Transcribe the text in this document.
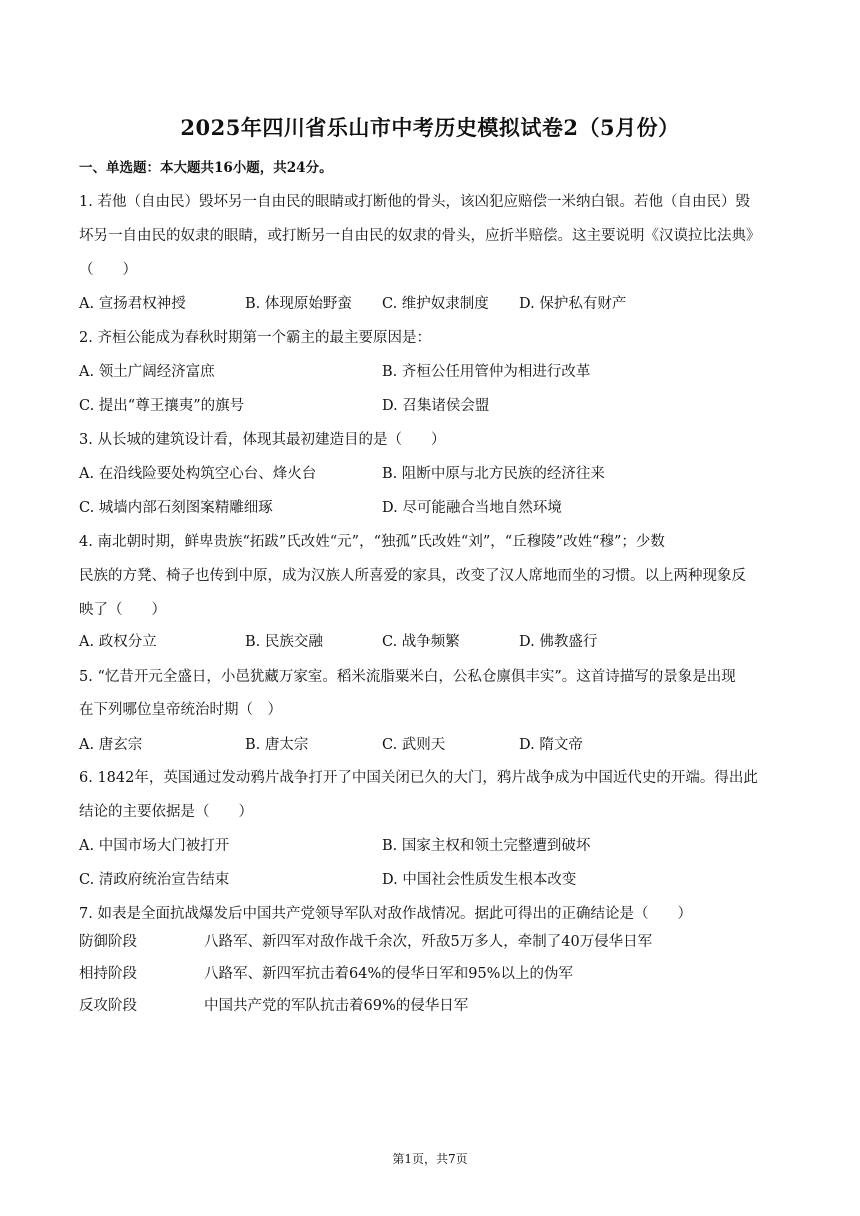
2025年四川省乐山市中考历史模拟试卷2（5月份）
一、单选题：本大题共16小题，共24分。
1. 若他（自由民）毁坏另一自由民的眼睛或打断他的骨头，该凶犯应赔偿一米纳白银。若他（自由民）毁
坏另一自由民的奴隶的眼睛，或打断另一自由民的奴隶的骨头，应折半赔偿。这主要说明《汉谟拉比法典》
（　　）
A. 宣扬君权神授	B. 体现原始野蛮 C. 维护奴隶制度 D. 保护私有财产
2. 齐桓公能成为春秋时期第一个霸主的最主要原因是：
A. 领土广阔经济富庶	B. 齐桓公任用管仲为相进行改革
C. 提出“尊王攘夷”的旗号	D. 召集诸侯会盟
3. 从长城的建筑设计看，体现其最初建造目的是（　　）
A. 在沿线险要处构筑空心台、烽火台	B. 阻断中原与北方民族的经济往来
C. 城墙内部石刻图案精雕细琢	D. 尽可能融合当地自然环境
4. 南北朝时期，鲜卑贵族“拓跋”氏改姓“元”，“独孤”氏改姓“刘”，“丘穆陵”改姓“穆”；少数
民族的方凳、椅子也传到中原，成为汉族人所喜爱的家具，改变了汉人席地而坐的习惯。以上两种现象反
映了（　　）
A. 政权分立	B. 民族交融	C. 战争频繁	D. 佛教盛行
5. “忆昔开元全盛日，小邑犹藏万家室。稻米流脂粟米白，公私仓廪俱丰实”。这首诗描写的景象是出现
在下列哪位皇帝统治时期（　）
A. 唐玄宗	B. 唐太宗	C. 武则天	D. 隋文帝
6. 1842年，英国通过发动鸦片战争打开了中国关闭已久的大门，鸦片战争成为中国近代史的开端。得出此
结论的主要依据是（　　）
A. 中国市场大门被打开	B. 国家主权和领土完整遭到破坏
C. 清政府统治宣告结束	D. 中国社会性质发生根本改变
7. 如表是全面抗战爆发后中国共产党领导军队对敌作战情况。据此可得出的正确结论是（　　）
防御阶段	八路军、新四军对敌作战千余次，歼敌5万多人，牵制了40万侵华日军
相持阶段	八路军、新四军抗击着64%的侵华日军和95%以上的伪军
反攻阶段	中国共产党的军队抗击着69%的侵华日军
第1页，共7页
